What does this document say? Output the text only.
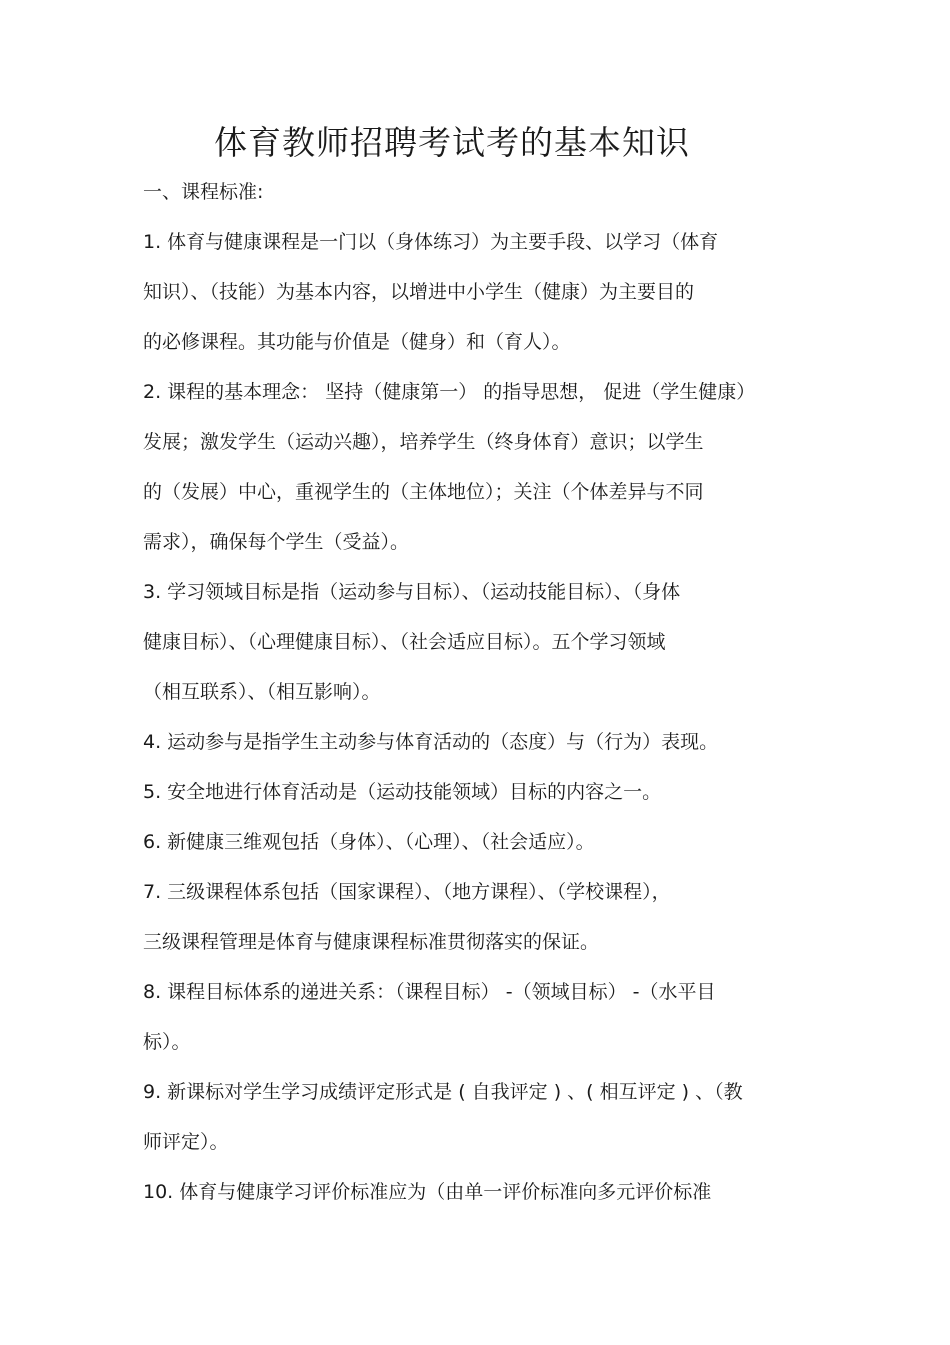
体育教师招聘考试考的基本知识
一、课程标准:
1. 体育与健康课程是一门以（身体练习）为主要手段、以学习（体育
知识）、（技能）为基本内容，以增进中小学生（健康）为主要目的
的必修课程。其功能与价值是（健身）和（育人）。
2. 课程的基本理念： 坚持（健康第一） 的指导思想， 促进（学生健康）
发展；激发学生（运动兴趣），培养学生（终身体育）意识；以学生
的（发展）中心，重视学生的（主体地位）；关注（个体差异与不同
需求），确保每个学生（受益）。
3. 学习领域目标是指（运动参与目标）、（运动技能目标）、（身体
健康目标）、（心理健康目标）、（社会适应目标）。五个学习领域
（相互联系）、（相互影响）。
4. 运动参与是指学生主动参与体育活动的（态度）与（行为）表现。
5. 安全地进行体育活动是（运动技能领域）目标的内容之一。
6. 新健康三维观包括（身体）、（心理）、（社会适应）。
7. 三级课程体系包括（国家课程）、（地方课程）、（学校课程），
三级课程管理是体育与健康课程标准贯彻落实的保证。
8. 课程目标体系的递进关系：（课程目标） -（领域目标） -（水平目
标）。
9. 新课标对学生学习成绩评定形式是 ( 自我评定 ) 、( 相互评定 ) 、（教
师评定）。
10. 体育与健康学习评价标准应为（由单一评价标准向多元评价标准
